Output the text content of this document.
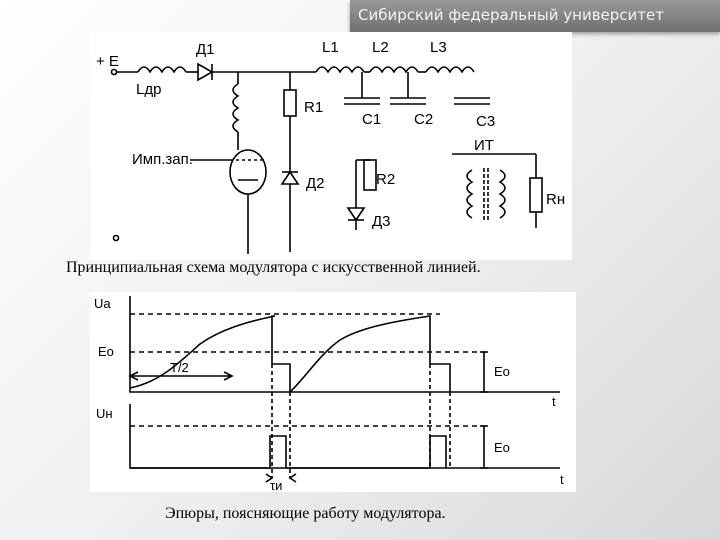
Сибирский федеральный университет
+ E
Д1
Lдр
L1 L2	L3
R1
C1 C2	C3
ИТ
Имп.зап.
Д2	R2
Д3
Rн
Принципиальная схема модулятора с искусственной линией.
Uа
Eo
T/2	Eo
t
Uн
Eo
τи	t
Эпюры, поясняющие работу модулятора.
